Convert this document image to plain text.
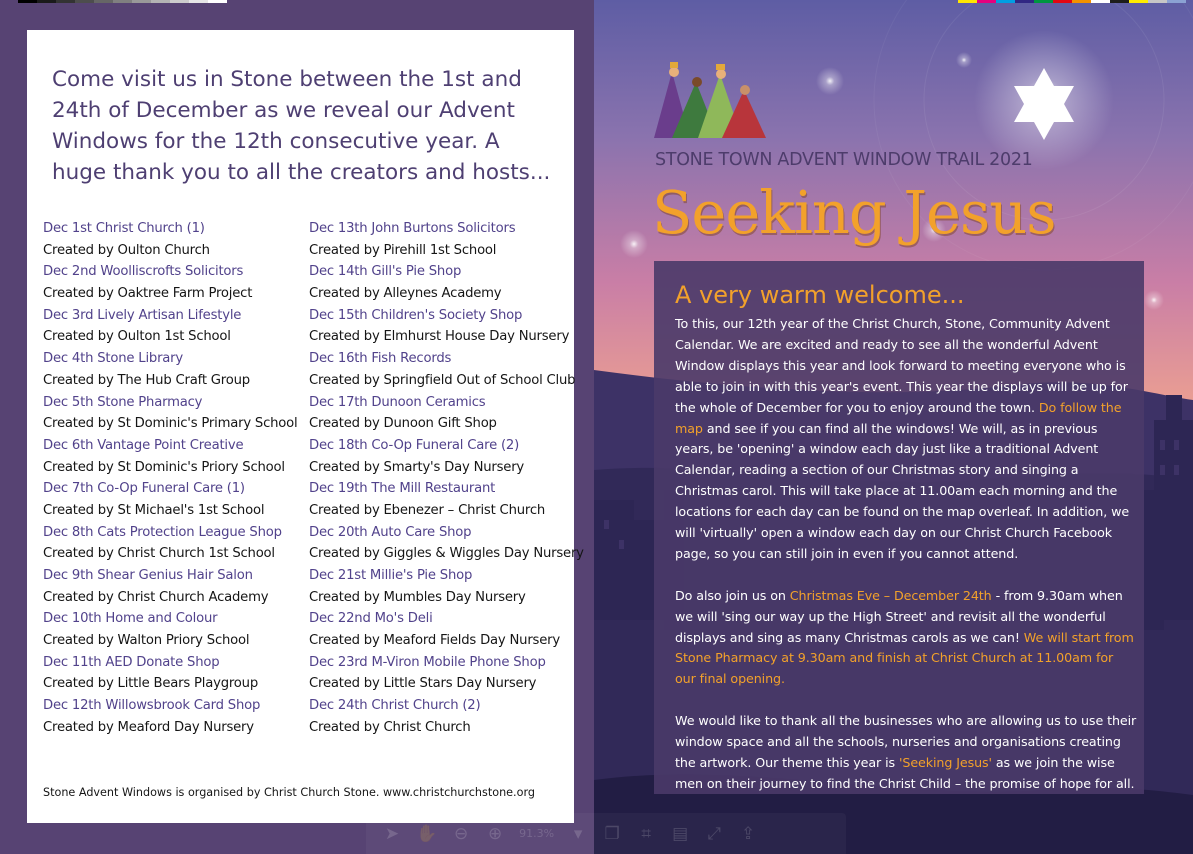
Come visit us in Stone between the 1st and 24th of December as we reveal our Advent Windows for the 12th consecutive year. A huge thank you to all the creators and hosts...
Dec 1st Christ Church (1)
Created by Oulton Church
Dec 2nd Woolliscrofts Solicitors
Created by Oaktree Farm Project
Dec 3rd Lively Artisan Lifestyle
Created by Oulton 1st School
Dec 4th Stone Library
Created by The Hub Craft Group
Dec 5th Stone Pharmacy
Created by St Dominic's Primary School
Dec 6th Vantage Point Creative
Created by St Dominic's Priory School
Dec 7th Co-Op Funeral Care (1)
Created by St Michael's 1st School
Dec 8th Cats Protection League Shop
Created by Christ Church 1st School
Dec 9th Shear Genius Hair Salon
Created by Christ Church Academy
Dec 10th Home and Colour
Created by Walton Priory School
Dec 11th AED Donate Shop
Created by Little Bears Playgroup
Dec 12th Willowsbrook Card Shop
Created by Meaford Day Nursery
Dec 13th John Burtons Solicitors
Created by Pirehill 1st School
Dec 14th Gill's Pie Shop
Created by Alleynes Academy
Dec 15th Children's Society Shop
Created by Elmhurst House Day Nursery
Dec 16th Fish Records
Created by Springfield Out of School Club
Dec 17th Dunoon Ceramics
Created by Dunoon Gift Shop
Dec 18th Co-Op Funeral Care (2)
Created by Smarty's Day Nursery
Dec 19th The Mill Restaurant
Created by Ebenezer – Christ Church
Dec 20th Auto Care Shop
Created by Giggles & Wiggles Day Nursery
Dec 21st Millie's Pie Shop
Created by Mumbles Day Nursery
Dec 22nd Mo's Deli
Created by Meaford Fields Day Nursery
Dec 23rd M-Viron Mobile Phone Shop
Created by Little Stars Day Nursery
Dec 24th Christ Church (2)
Created by Christ Church
Stone Advent Windows is organised by Christ Church Stone. www.christchurchstone.org
➤ ✋ ⊖ ⊕ 91.3%	▾	❐	⌗	▤ ⤢ ⇪
STONE TOWN ADVENT WINDOW TRAIL 2021
Seeking Jesus
A very warm welcome...

To this, our 12th year of the Christ Church, Stone, Community Advent Calendar. We are excited and ready to see all the wonderful Advent Window displays this year and look forward to meeting everyone who is able to join in with this year's event. This year the displays will be up for the whole of December for you to enjoy around the town. Do follow the map and see if you can find all the windows! We will, as in previous years, be 'opening' a window each day just like a traditional Advent Calendar, reading a section of our Christmas story and singing a Christmas carol. This will take place at 11.00am each morning and the locations for each day can be found on the map overleaf. In addition, we will 'virtually' open a window each day on our Christ Church Facebook page, so you can still join in even if you cannot attend.

Do also join us on Christmas Eve – December 24th - from 9.30am when we will 'sing our way up the High Street' and revisit all the wonderful displays and sing as many Christmas carols as we can! We will start from Stone Pharmacy at 9.30am and finish at Christ Church at 11.00am for our final opening.

We would like to thank all the businesses who are allowing us to use their window space and all the schools, nurseries and organisations creating the artwork. Our theme this year is 'Seeking Jesus' as we join the wise men on their journey to find the Christ Child – the promise of hope for all.
